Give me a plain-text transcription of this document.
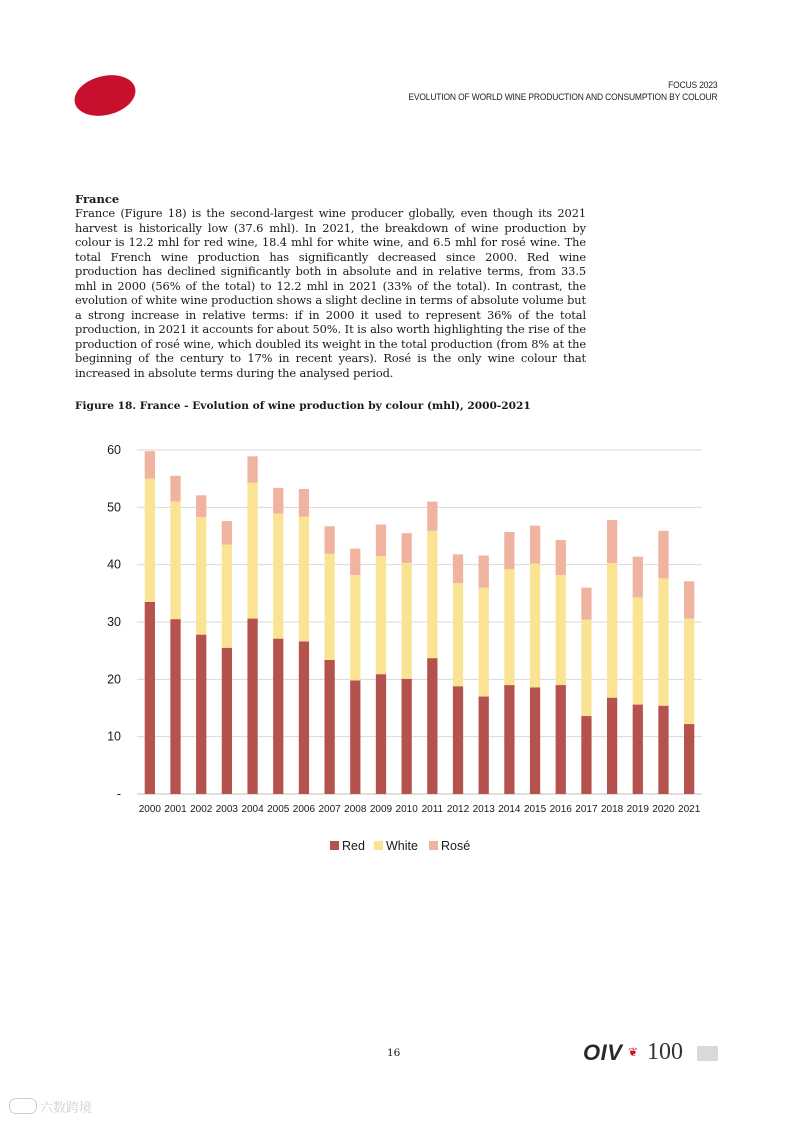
FOCUS 2023
EVOLUTION OF WORLD WINE PRODUCTION AND CONSUMPTION BY COLOUR
France
France (Figure 18) is the second-largest wine producer globally, even though its 2021 harvest is historically low (37.6 mhl). In 2021, the breakdown of wine production by colour is 12.2 mhl for red wine, 18.4 mhl for white wine, and 6.5 mhl for rosé wine. The total French wine production has significantly decreased since 2000. Red wine production has declined significantly both in absolute and in relative terms, from 33.5 mhl in 2000 (56% of the total) to 12.2 mhl in 2021 (33% of the total). In contrast, the evolution of white wine production shows a slight decline in terms of absolute volume but a strong increase in relative terms: if in 2000 it used to represent 36% of the total production, in 2021 it accounts for about 50%. It is also worth highlighting the rise of the production of rosé wine, which doubled its weight in the total production (from 8% at the beginning of the century to 17% in recent years). Rosé is the only wine colour that increased in absolute terms during the analysed period.
Figure 18. France - Evolution of wine production by colour (mhl), 2000-2021
-
10
20
30
40
50
60
2000 2001 2002 2003 2004 2005 2006 2007 2008 2009 2010 2011 2012 2013 2014 2015 2016 2017 2018 2019 2020 2021
Red White Rosé
16	OIV ❦ 100
六数跨境
